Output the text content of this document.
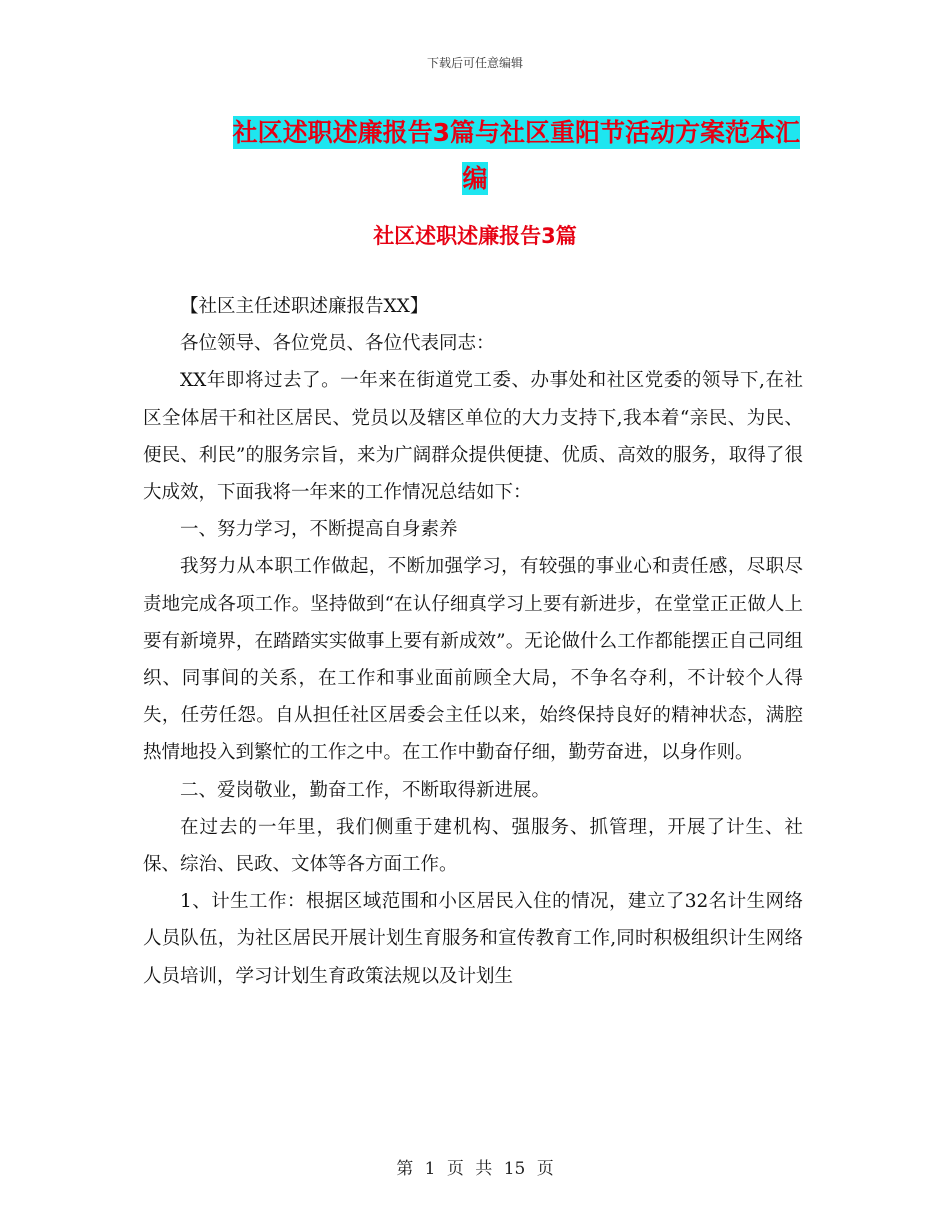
下载后可任意编辑
社区述职述廉报告3篇与社区重阳节活动方案范本汇
编
社区述职述廉报告3篇

【社区主任述职述廉报告XX】

各位领导、各位党员、各位代表同志：

XX年即将过去了。一年来在街道党工委、办事处和社区党委的领导下,在社区全体居干和社区居民、党员以及辖区单位的大力支持下,我本着“亲民、为民、便民、利民”的服务宗旨，来为广阔群众提供便捷、优质、高效的服务，取得了很大成效，下面我将一年来的工作情况总结如下：

一、努力学习，不断提高自身素养

我努力从本职工作做起，不断加强学习，有较强的事业心和责任感，尽职尽责地完成各项工作。坚持做到“在认仔细真学习上要有新进步，在堂堂正正做人上要有新境界，在踏踏实实做事上要有新成效”。无论做什么工作都能摆正自己同组织、同事间的关系，在工作和事业面前顾全大局，不争名夺利，不计较个人得失，任劳任怨。自从担任社区居委会主任以来，始终保持良好的精神状态，满腔热情地投入到繁忙的工作之中。在工作中勤奋仔细，勤劳奋进，以身作则。

二、爱岗敬业，勤奋工作，不断取得新进展。

在过去的一年里，我们侧重于建机构、强服务、抓管理，开展了计生、社保、综治、民政、文体等各方面工作。

1、计生工作：根据区域范围和小区居民入住的情况，建立了32名计生网络人员队伍，为社区居民开展计划生育服务和宣传教育工作,同时积极组织计生网络人员培训，学习计划生育政策法规以及计划生

第 1 页 共 15 页
